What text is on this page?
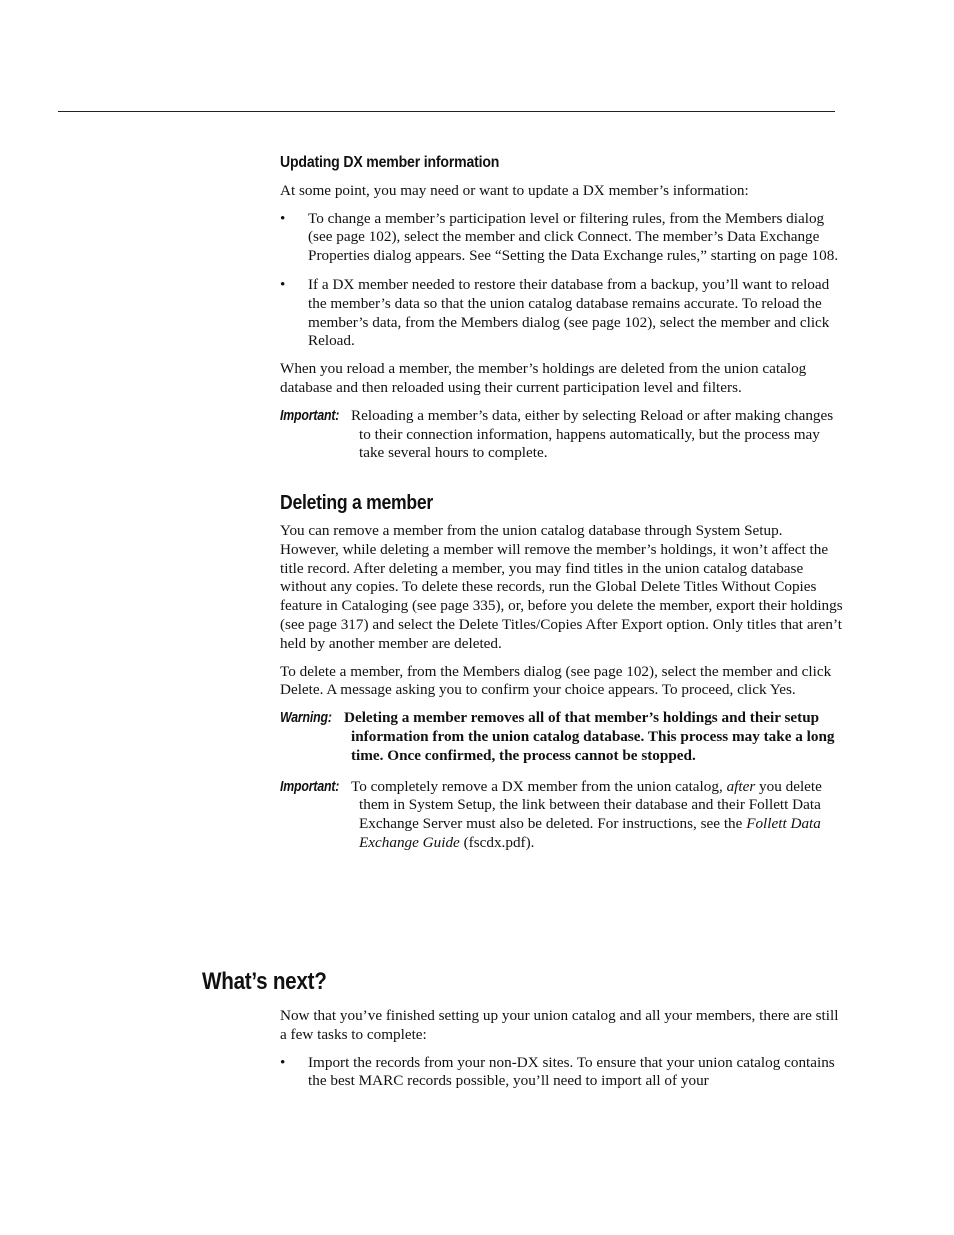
Updating DX member information

At some point, you may need or want to update a DX member’s information:

• To change a member’s participation level or filtering rules, from the Members dialog (see page 102), select the member and click Connect. The member’s Data Exchange Properties dialog appears. See “Setting the Data Exchange rules,” starting on page 108.
• If a DX member needed to restore their database from a backup, you’ll want to reload the member’s data so that the union catalog database remains accurate. To reload the member’s data, from the Members dialog (see page 102), select the member and click Reload.

When you reload a member, the member’s holdings are deleted from the union catalog database and then reloaded using their current participation level and filters.

Important: Reloading a member’s data, either by selecting Reload or after making changes to their connection information, happens automatically, but the process may take several hours to complete.
Deleting a member

You can remove a member from the union catalog database through System Setup. However, while deleting a member will remove the member’s holdings, it won’t affect the title record. After deleting a member, you may find titles in the union catalog database without any copies. To delete these records, run the Global Delete Titles Without Copies feature in Cataloging (see page 335), or, before you delete the member, export their holdings (see page 317) and select the Delete Titles/Copies After Export option. Only titles that aren’t held by another member are deleted.

To delete a member, from the Members dialog (see page 102), select the member and click Delete. A message asking you to confirm your choice appears. To proceed, click Yes.

Warning: Deleting a member removes all of that member’s holdings and their setup information from the union catalog database. This process may take a long time. Once confirmed, the process cannot be stopped.
Important: To completely remove a DX member from the union catalog, after you delete them in System Setup, the link between their database and their Follett Data Exchange Server must also be deleted. For instructions, see the Follett Data Exchange Guide (fscdx.pdf).
What’s next?

Now that you’ve finished setting up your union catalog and all your members, there are still a few tasks to complete:

• Import the records from your non-DX sites. To ensure that your union catalog contains the best MARC records possible, you’ll need to import all of your
